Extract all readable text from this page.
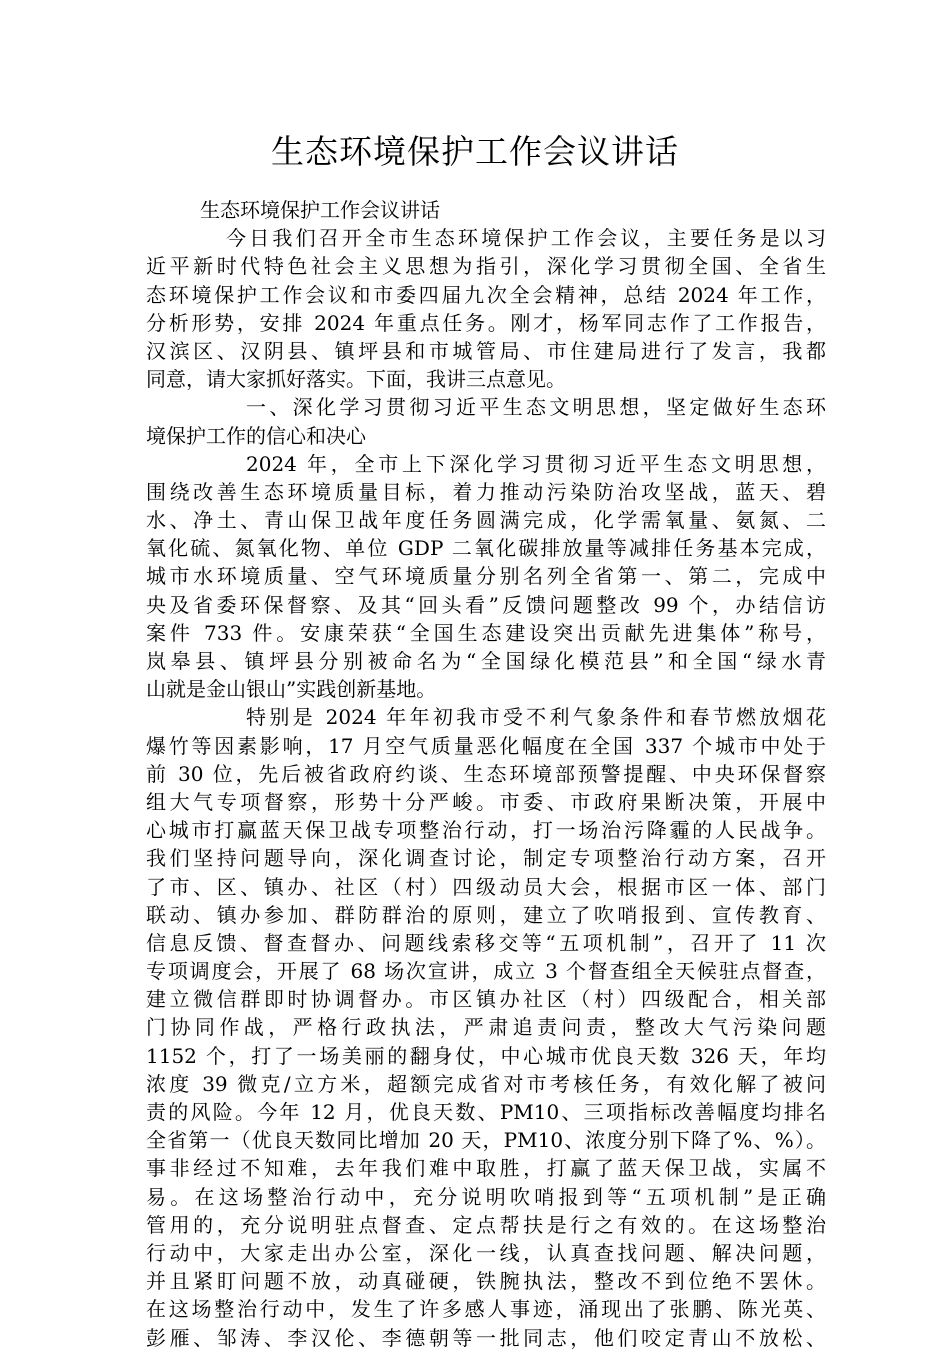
生态环境保护工作会议讲话
生态环境保护工作会议讲话
今日我们召开全市生态环境保护工作会议，主要任务是以习
近平新时代特色社会主义思想为指引，深化学习贯彻全国、全省生
态环境保护工作会议和市委四届九次全会精神，总结 2024 年工作，
分析形势，安排 2024 年重点任务。刚才，杨军同志作了工作报告，
汉滨区、汉阴县、镇坪县和市城管局、市住建局进行了发言，我都
同意，请大家抓好落实。下面，我讲三点意见。
一、深化学习贯彻习近平生态文明思想，坚定做好生态环
境保护工作的信心和决心
2024 年，全市上下深化学习贯彻习近平生态文明思想，
围绕改善生态环境质量目标，着力推动污染防治攻坚战，蓝天、碧
水、净土、青山保卫战年度任务圆满完成，化学需氧量、氨氮、二
氧化硫、氮氧化物、单位 GDP 二氧化碳排放量等减排任务基本完成，
城市水环境质量、空气环境质量分别名列全省第一、第二，完成中
央及省委环保督察、及其“回头看”反馈问题整改 99 个，办结信访
案件 733 件。安康荣获“全国生态建设突出贡献先进集体”称号，
岚皋县、镇坪县分别被命名为“全国绿化模范县”和全国“绿水青
山就是金山银山”实践创新基地。
特别是 2024 年年初我市受不利气象条件和春节燃放烟花
爆竹等因素影响，17 月空气质量恶化幅度在全国 337 个城市中处于
前 30 位，先后被省政府约谈、生态环境部预警提醒、中央环保督察
组大气专项督察，形势十分严峻。市委、市政府果断决策，开展中
心城市打赢蓝天保卫战专项整治行动，打一场治污降霾的人民战争。
我们坚持问题导向，深化调查讨论，制定专项整治行动方案，召开
了市、区、镇办、社区（村）四级动员大会，根据市区一体、部门
联动、镇办参加、群防群治的原则，建立了吹哨报到、宣传教育、
信息反馈、督查督办、问题线索移交等“五项机制”，召开了 11 次
专项调度会，开展了 68 场次宣讲，成立 3 个督查组全天候驻点督查，
建立微信群即时协调督办。市区镇办社区（村）四级配合，相关部
门协同作战，严格行政执法，严肃追责问责，整改大气污染问题
1152 个，打了一场美丽的翻身仗，中心城市优良天数 326 天，年均
浓度 39 微克/立方米，超额完成省对市考核任务，有效化解了被问
责的风险。今年 12 月，优良天数、PM10、三项指标改善幅度均排名
全省第一（优良天数同比增加 20 天，PM10、浓度分别下降了%、%）。
事非经过不知难，去年我们难中取胜，打赢了蓝天保卫战，实属不
易。在这场整治行动中，充分说明吹哨报到等“五项机制”是正确
管用的，充分说明驻点督查、定点帮扶是行之有效的。在这场整治
行动中，大家走出办公室，深化一线，认真查找问题、解决问题，
并且紧盯问题不放，动真碰硬，铁腕执法，整改不到位绝不罢休。
在这场整治行动中，发生了许多感人事迹，涌现出了张鹏、陈光英、
彭雁、邹涛、李汉伦、李德朝等一批同志，他们咬定青山不放松、
